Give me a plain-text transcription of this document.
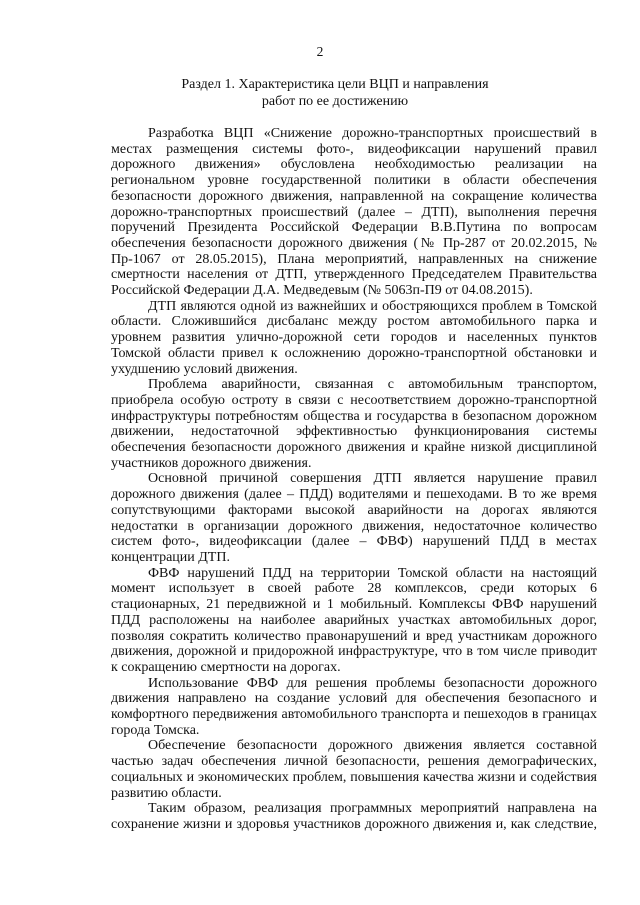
2
Раздел 1. Характеристика цели ВЦП и направления
работ по ее достижению

Разработка ВЦП «Снижение дорожно-транспортных происшествий в местах размещения системы фото-, видеофиксации нарушений правил дорожного движения» обусловлена необходимостью реализации на региональном уровне государственной политики в области обеспечения безопасности дорожного движения, направленной на сокращение количества дорожно-транспортных происшествий (далее – ДТП), выполнения перечня поручений Президента Российской Федерации В.В.Путина по вопросам обеспечения безопасности дорожного движения (№ Пр-287 от 20.02.2015, № Пр-1067 от 28.05.2015), Плана мероприятий, направленных на снижение смертности населения от ДТП, утвержденного Председателем Правительства Российской Федерации Д.А. Медведевым (№ 5063п-П9 от 04.08.2015).

ДТП являются одной из важнейших и обостряющихся проблем в Томской области. Сложившийся дисбаланс между ростом автомобильного парка и уровнем развития улично-дорожной сети городов и населенных пунктов Томской области привел к осложнению дорожно-транспортной обстановки и ухудшению условий движения.

Проблема аварийности, связанная с автомобильным транспортом, приобрела особую остроту в связи с несоответствием дорожно-транспортной инфраструктуры потребностям общества и государства в безопасном дорожном движении, недостаточной эффективностью функционирования системы обеспечения безопасности дорожного движения и крайне низкой дисциплиной участников дорожного движения.

Основной причиной совершения ДТП является нарушение правил дорожного движения (далее – ПДД) водителями и пешеходами. В то же время сопутствующими факторами высокой аварийности на дорогах являются недостатки в организации дорожного движения, недостаточное количество систем фото-, видеофиксации (далее – ФВФ) нарушений ПДД в местах концентрации ДТП.

ФВФ нарушений ПДД на территории Томской области на настоящий момент использует в своей работе 28 комплексов, среди которых 6 стационарных, 21 передвижной и 1 мобильный. Комплексы ФВФ нарушений ПДД расположены на наиболее аварийных участках автомобильных дорог, позволяя сократить количество правонарушений и вред участникам дорожного движения, дорожной и придорожной инфраструктуре, что в том числе приводит к сокращению смертности на дорогах.

Использование ФВФ для решения проблемы безопасности дорожного движения направлено на создание условий для обеспечения безопасного и комфортного передвижения автомобильного транспорта и пешеходов в границах города Томска.

Обеспечение безопасности дорожного движения является составной частью задач обеспечения личной безопасности, решения демографических, социальных и экономических проблем, повышения качества жизни и содействия развитию области.

Таким образом, реализация программных мероприятий направлена на сохранение жизни и здоровья участников дорожного движения и, как следствие,
